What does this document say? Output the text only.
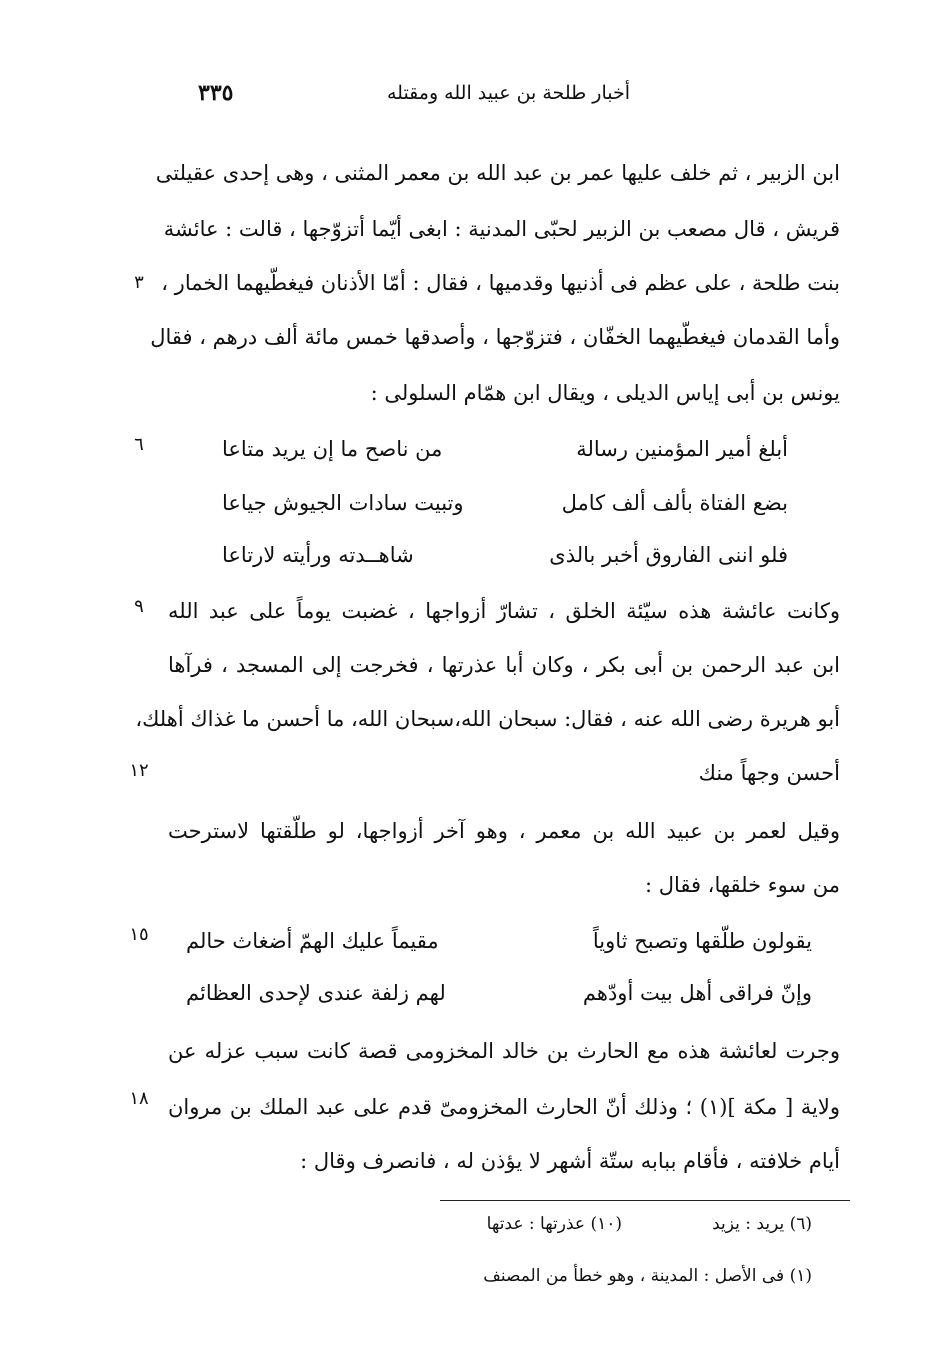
أخبار طلحة بن عبيد الله ومقتله
٣٣٥
ابن الزبير ، ثم خلف عليها عمر بن عبد الله بن معمر المثنى ، وهى إحدى عقيلتى
قريش ، قال مصعب بن الزبير لحبّى المدنية : ابغى أيّما أتزوّجها ، قالت : عائشة
بنت طلحة ، على عظم فى أذنيها وقدميها ، فقال : أمّا الأذنان فيغطّيهما الخمار ،
وأما القدمان فيغطّيهما الخفّان ، فتزوّجها ، وأصدقها خمس مائة ألف درهم ، فقال
يونس بن أبى إياس الديلى ، ويقال ابن همّام السلولى :
أبلغ أمير المؤمنين رسالة
من ناصح ما إن يريد متاعا
بضع الفتاة بألف ألف كامل
وتبيت سادات الجيوش جياعا
فلو اننى الفاروق أخبر بالذى
شاهــدته ورأيته لارتاعا
وكانت عائشة هذه سيّئة الخلق ، تشارّ أزواجها ، غضبت يوماً على عبد الله
ابن عبد الرحمن بن أبى بكر ، وكان أبا عذرتها ، فخرجت إلى المسجد ، فرآها
أبو هريرة رضى الله عنه ، فقال: سبحان الله،سبحان الله، ما أحسن ما غذاك أهلك،
أحسن وجهاً منك
وقيل لعمر بن عبيد الله بن معمر ، وهو آخر أزواجها، لو طلّقتها لاسترحت
من سوء خلقها، فقال :
يقولون طلّقها وتصبح ثاوياً
مقيماً عليك الهمّ أضغاث حالم
وإنّ فراقى أهل بيت أودّهم
لهم زلفة عندى لإحدى العظائم
وجرت لعائشة هذه مع الحارث بن خالد المخزومى قصة كانت سبب عزله عن
ولاية [ مكة ](١) ؛ وذلك أنّ الحارث المخزومىّ قدم على عبد الملك بن مروان
أيام خلافته ، فأقام ببابه ستّة أشهر لا يؤذن له ، فانصرف وقال :
٣
٦
٩
١٢
١٥
١٨
(٦) يريد : يزيد
(١٠) عذرتها : عدتها
(١) فى الأصل : المدينة ، وهو خطأ من المصنف
